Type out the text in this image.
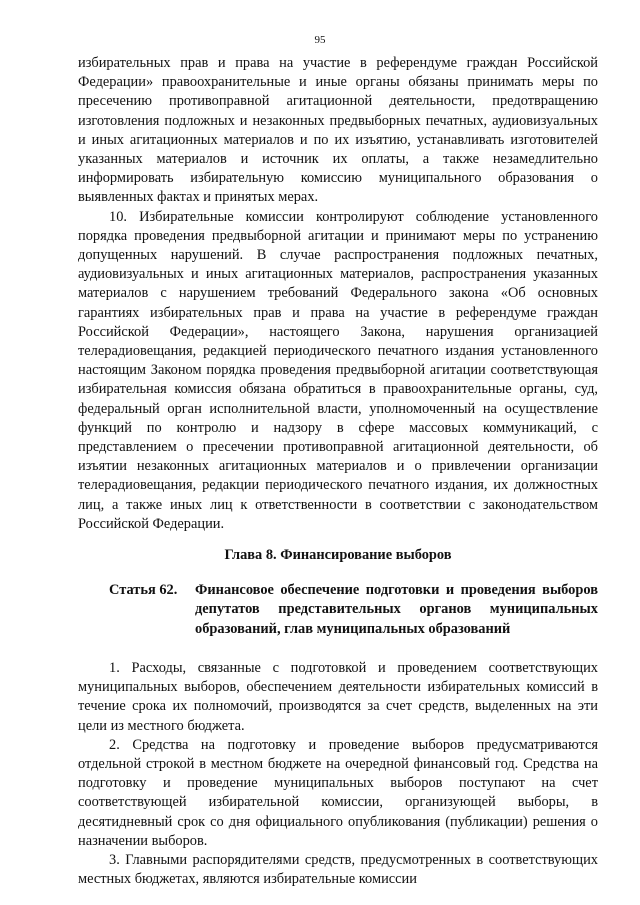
95

избирательных прав и права на участие в референдуме граждан Российской Федерации» правоохранительные и иные органы обязаны принимать меры по пресечению противоправной агитационной деятельности, предотвращению изготовления подложных и незаконных предвыборных печатных, аудиовизуальных и иных агитационных материалов и по их изъятию, устанавливать изготовителей указанных материалов и источник их оплаты, а также незамедлительно информировать избирательную комиссию муниципального образования о выявленных фактах и принятых мерах.

10. Избирательные комиссии контролируют соблюдение установленного порядка проведения предвыборной агитации и принимают меры по устранению допущенных нарушений. В случае распространения подложных печатных, аудиовизуальных и иных агитационных материалов, распространения указанных материалов с нарушением требований Федерального закона «Об основных гарантиях избирательных прав и права на участие в референдуме граждан Российской Федерации», настоящего Закона, нарушения организацией телерадиовещания, редакцией периодического печатного издания установленного настоящим Законом порядка проведения предвыборной агитации соответствующая избирательная комиссия обязана обратиться в правоохранительные органы, суд, федеральный орган исполнительной власти, уполномоченный на осуществление функций по контролю и надзору в сфере массовых коммуникаций, с представлением о пресечении противоправной агитационной деятельности, об изъятии незаконных агитационных материалов и о привлечении организации телерадиовещания, редакции периодического печатного издания, их должностных лиц, а также иных лиц к ответственности в соответствии с законодательством Российской Федерации.

Глава 8. Финансирование выборов

Статья 62.	Финансовое обеспечение подготовки и проведения выборов депутатов представительных органов муниципальных образований, глав муниципальных образований

1. Расходы, связанные с подготовкой и проведением соответствующих муниципальных выборов, обеспечением деятельности избирательных комиссий в течение срока их полномочий, производятся за счет средств, выделенных на эти цели из местного бюджета.

2. Средства на подготовку и проведение выборов предусматриваются отдельной строкой в местном бюджете на очередной финансовый год. Средства на подготовку и проведение муниципальных выборов поступают на счет соответствующей избирательной комиссии, организующей выборы, в десятидневный срок со дня официального опубликования (публикации) решения о назначении выборов.

3. Главными распорядителями средств, предусмотренных в соответствующих местных бюджетах, являются избирательные комиссии
